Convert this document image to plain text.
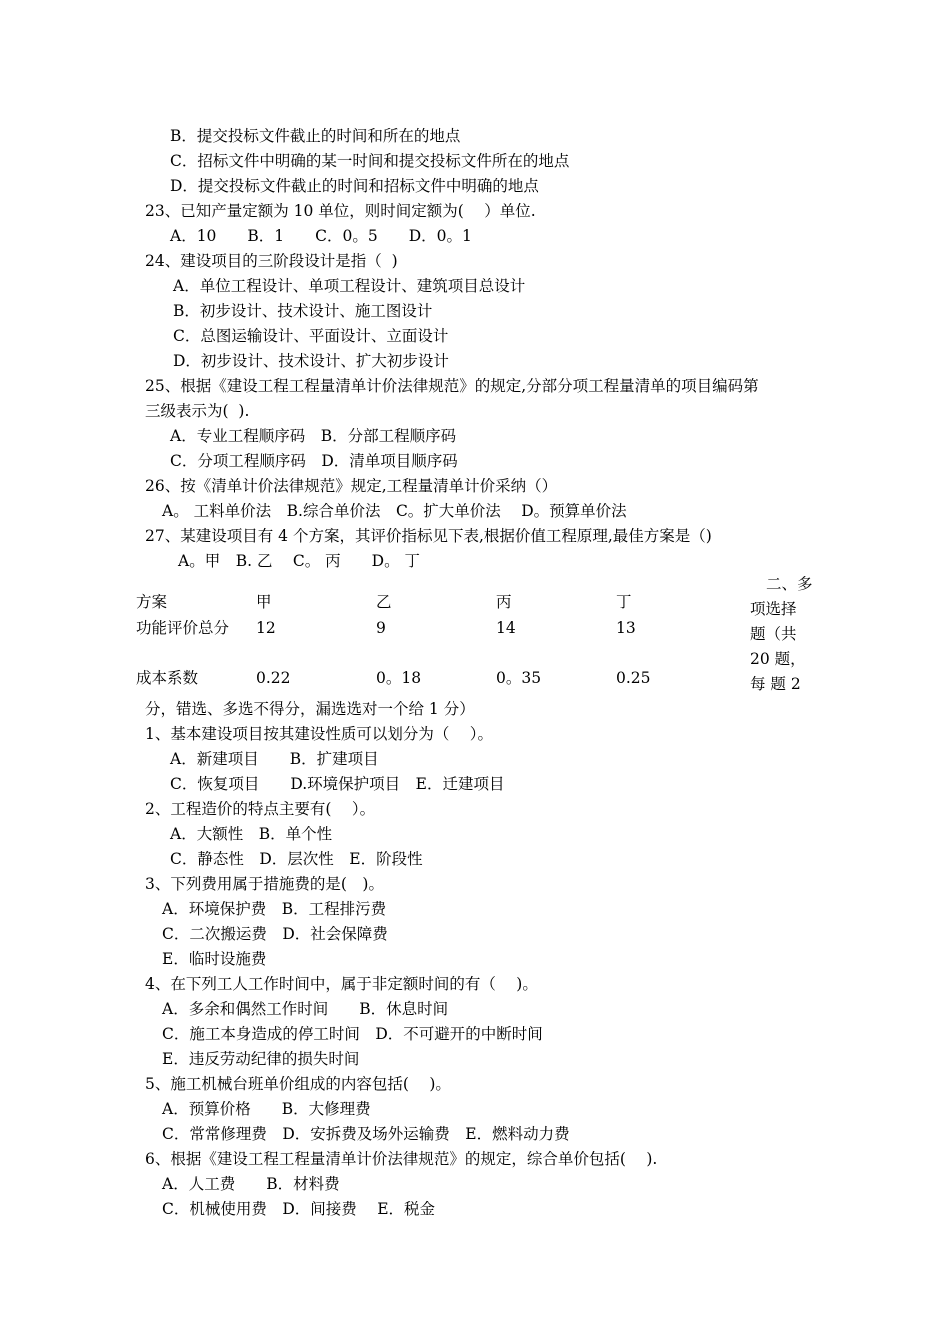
B．提交投标文件截止的时间和所在的地点
C．招标文件中明确的某一时间和提交投标文件所在的地点
D．提交投标文件截止的时间和招标文件中明确的地点
23、已知产量定额为 10 单位，则时间定额为(　 ）单位.
A．10　　B．1　　C．0。5　　D．0。1
24、建设项目的三阶段设计是指（  )
A．单位工程设计、单项工程设计、建筑项目总设计
B．初步设计、技术设计、施工图设计
C．总图运输设计、平面设计、立面设计
D．初步设计、技术设计、扩大初步设计
25、根据《建设工程工程量清单计价法律规范》的规定,分部分项工程量清单的项目编码第
三级表示为(  ).
A．专业工程顺序码　B．分部工程顺序码
C．分项工程顺序码　D．清单项目顺序码
26、按《清单计价法律规范》规定,工程量清单计价采纳（）
A。 工料单价法　B.综合单价法　C。扩大单价法　 D。预算单价法
27、某建设项目有 4 个方案，其评价指标见下表,根据价值工程原理,最佳方案是（)
A。甲　B. 乙　 C。 丙　　D。 丁
方案	甲	乙	丙	丁
功能评价总分 12	9	14	13
成本系数	0.22	0。18	0。35	0.25
二、多
项选择
题（共
20 题，
每 题 2
分，错选、多选不得分，漏选选对一个给 1 分）
1、基本建设项目按其建设性质可以划分为（　 ）。
A．新建项目　　B．扩建项目
C．恢复项目　　D.环境保护项目　E．迁建项目
2、工程造价的特点主要有(　 ）。
A．大额性　B．单个性
C．静态性　D．层次性　E．阶段性
3、下列费用属于措施费的是(　)。
A．环境保护费　B．工程排污费
C．二次搬运费　D．社会保障费
E．临时设施费
4、在下列工人工作时间中，属于非定额时间的有（　 )。
A．多余和偶然工作时间　　B．休息时间
C．施工本身造成的停工时间　D．不可避开的中断时间
E．违反劳动纪律的损失时间
5、施工机械台班单价组成的内容包括(　 )。
A．预算价格　　B．大修理费
C．常常修理费　D．安拆费及场外运输费　E．燃料动力费
6、根据《建设工程工程量清单计价法律规范》的规定，综合单价包括(　 ).
A．人工费　　B．材料费
C．机械使用费　D．间接费　 E．税金
